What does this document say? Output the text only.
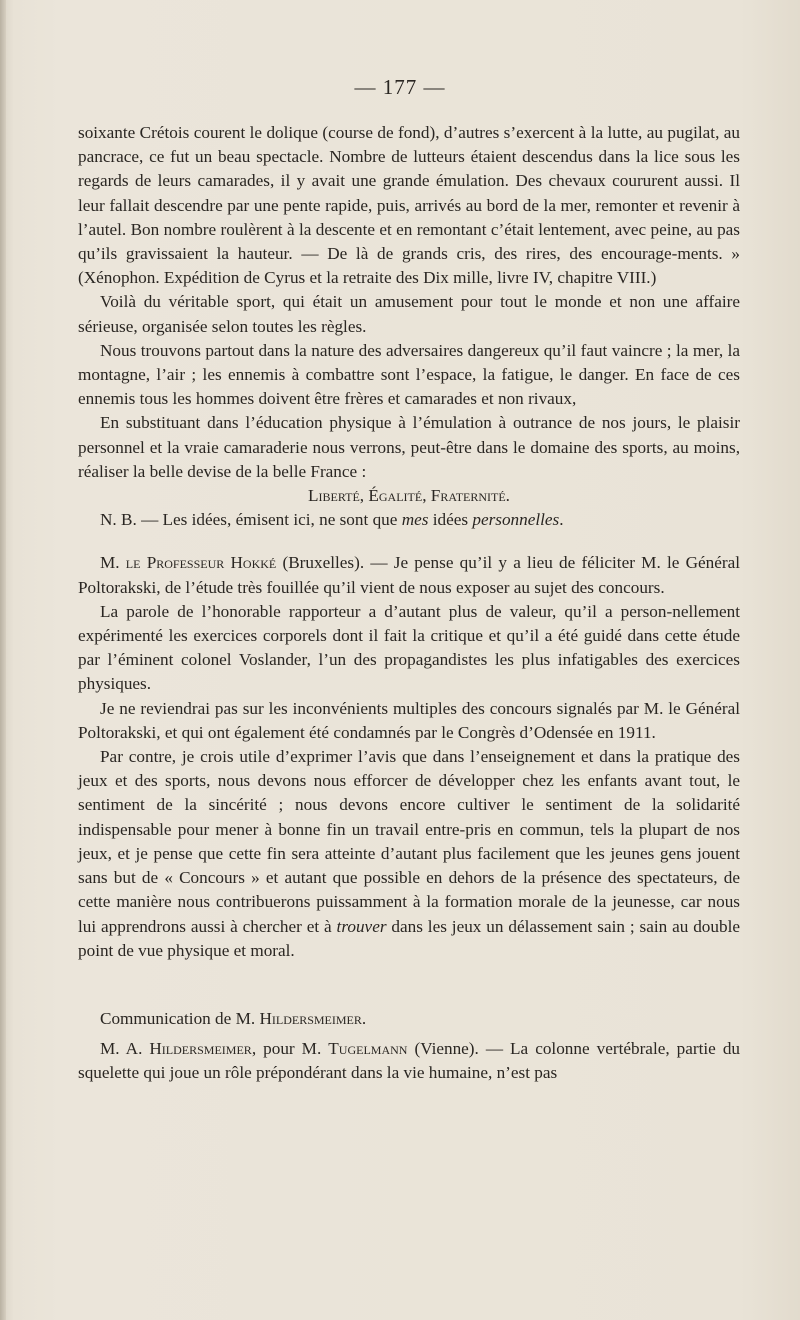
— 177 —

soixante Crétois courent le dolique (course de fond), d’autres s’exercent à la lutte, au pugilat, au pancrace, ce fut un beau spectacle. Nombre de lutteurs étaient descendus dans la lice sous les regards de leurs camarades, il y avait une grande émulation. Des chevaux coururent aussi. Il leur fallait descendre par une pente rapide, puis, arrivés au bord de la mer, remonter et revenir à l’autel. Bon nombre roulèrent à la descente et en remontant c’était lentement, avec peine, au pas qu’ils gravissaient la hauteur. — De là de grands cris, des rires, des encourage-ments. » (Xénophon. Expédition de Cyrus et la retraite des Dix mille, livre IV, chapitre VIII.)

Voilà du véritable sport, qui était un amusement pour tout le monde et non une affaire sérieuse, organisée selon toutes les règles.

Nous trouvons partout dans la nature des adversaires dangereux qu’il faut vaincre ; la mer, la montagne, l’air ; les ennemis à combattre sont l’espace, la fatigue, le danger. En face de ces ennemis tous les hommes doivent être frères et camarades et non rivaux,

En substituant dans l’éducation physique à l’émulation à outrance de nos jours, le plaisir personnel et la vraie camaraderie nous verrons, peut-être dans le domaine des sports, au moins, réaliser la belle devise de la belle France :

Liberté, Égalité, Fraternité.

N. B. — Les idées, émisent ici, ne sont que mes idées personnelles.

M. le Professeur Hokké (Bruxelles). — Je pense qu’il y a lieu de féliciter M. le Général Poltorakski, de l’étude très fouillée qu’il vient de nous exposer au sujet des concours.

La parole de l’honorable rapporteur a d’autant plus de valeur, qu’il a person-nellement expérimenté les exercices corporels dont il fait la critique et qu’il a été guidé dans cette étude par l’éminent colonel Voslander, l’un des propagandistes les plus infatigables des exercices physiques.

Je ne reviendrai pas sur les inconvénients multiples des concours signalés par M. le Général Poltorakski, et qui ont également été condamnés par le Congrès d’Odensée en 1911.

Par contre, je crois utile d’exprimer l’avis que dans l’enseignement et dans la pratique des jeux et des sports, nous devons nous efforcer de développer chez les enfants avant tout, le sentiment de la sincérité ; nous devons encore cultiver le sentiment de la solidarité indispensable pour mener à bonne fin un travail entre-pris en commun, tels la plupart de nos jeux, et je pense que cette fin sera atteinte d’autant plus facilement que les jeunes gens jouent sans but de « Concours » et autant que possible en dehors de la présence des spectateurs, de cette manière nous contribuerons puissamment à la formation morale de la jeunesse, car nous lui apprendrons aussi à chercher et à trouver dans les jeux un délassement sain ; sain au double point de vue physique et moral.

Communication de M. Hildersmeimer.

M. A. Hildersmeimer, pour M. Tugelmann (Vienne). — La colonne vertébrale, partie du squelette qui joue un rôle prépondérant dans la vie humaine, n’est pas
